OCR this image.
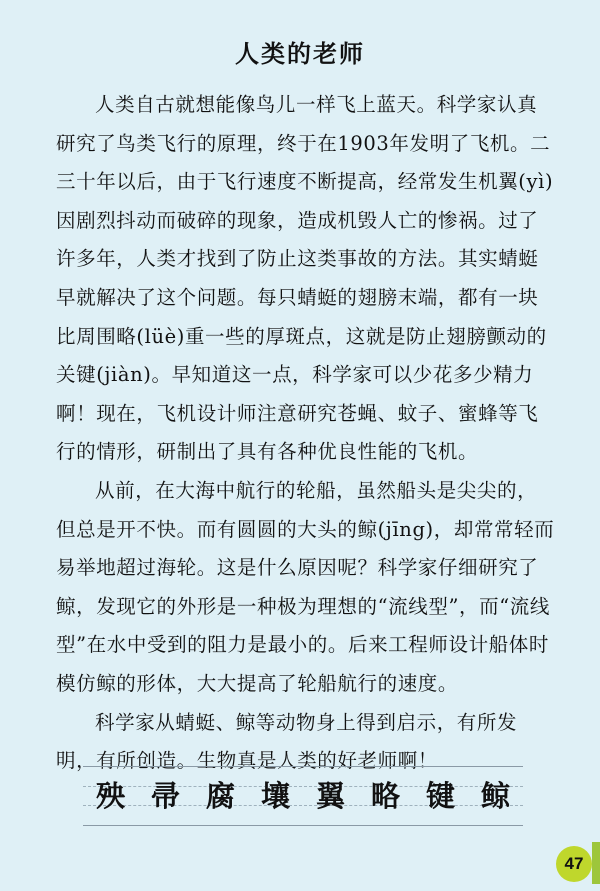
人类的老师

人类自古就想能像鸟儿一样飞上蓝天。科学家认真研究了鸟类飞行的原理，终于在1903年发明了飞机。二三十年以后，由于飞行速度不断提高，经常发生机翼(yì)因剧烈抖动而破碎的现象，造成机毁人亡的惨祸。过了许多年，人类才找到了防止这类事故的方法。其实蜻蜓早就解决了这个问题。每只蜻蜓的翅膀末端，都有一块比周围略(lüè)重一些的厚斑点，这就是防止翅膀颤动的关键(jiàn)。早知道这一点，科学家可以少花多少精力啊！现在，飞机设计师注意研究苍蝇、蚊子、蜜蜂等飞行的情形，研制出了具有各种优良性能的飞机。

从前，在大海中航行的轮船，虽然船头是尖尖的，但总是开不快。而有圆圆的大头的鲸(jīng)，却常常轻而易举地超过海轮。这是什么原因呢？科学家仔细研究了鲸，发现它的外形是一种极为理想的“流线型”，而“流线型”在水中受到的阻力是最小的。后来工程师设计船体时模仿鲸的形体，大大提高了轮船航行的速度。

科学家从蜻蜓、鲸等动物身上得到启示，有所发明，有所创造。生物真是人类的好老师啊！

殃 帚 腐 壤 翼 略 键 鲸
47
